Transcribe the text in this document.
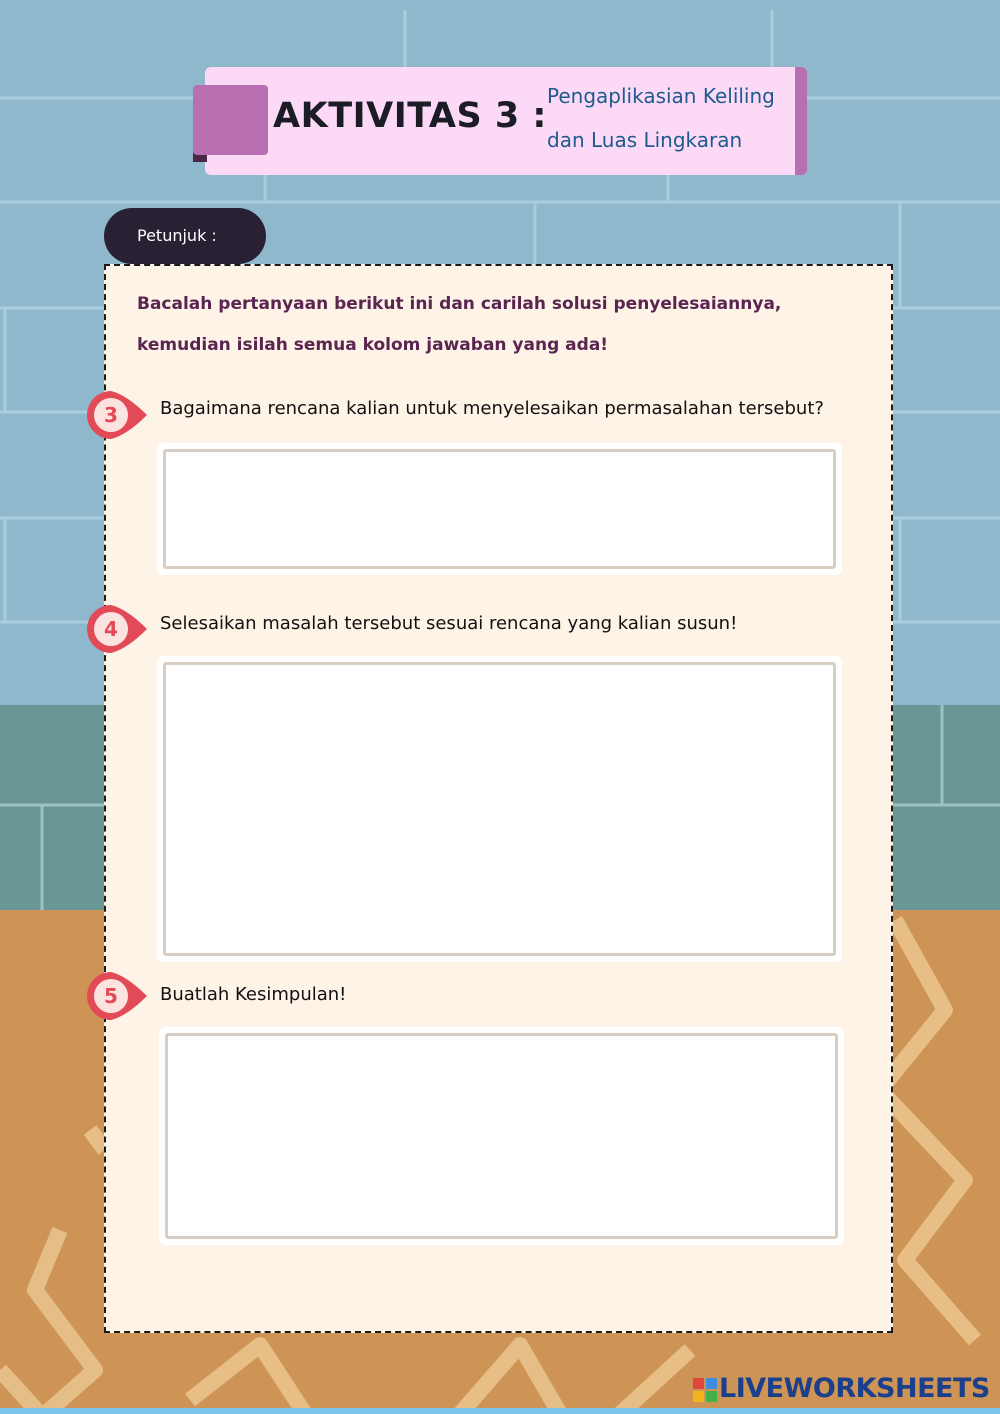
AKTIVITAS 3 : Pengaplikasian Keliling
dan Luas Lingkaran
Petunjuk :
Bacalah pertanyaan berikut ini dan carilah solusi penyelesaiannya, kemudian isilah semua kolom jawaban yang ada!
3	Bagaimana rencana kalian untuk menyelesaikan permasalahan tersebut?
4	Selesaikan masalah tersebut sesuai rencana yang kalian susun!
5	Buatlah Kesimpulan!
LIVEWORKSHEETS
